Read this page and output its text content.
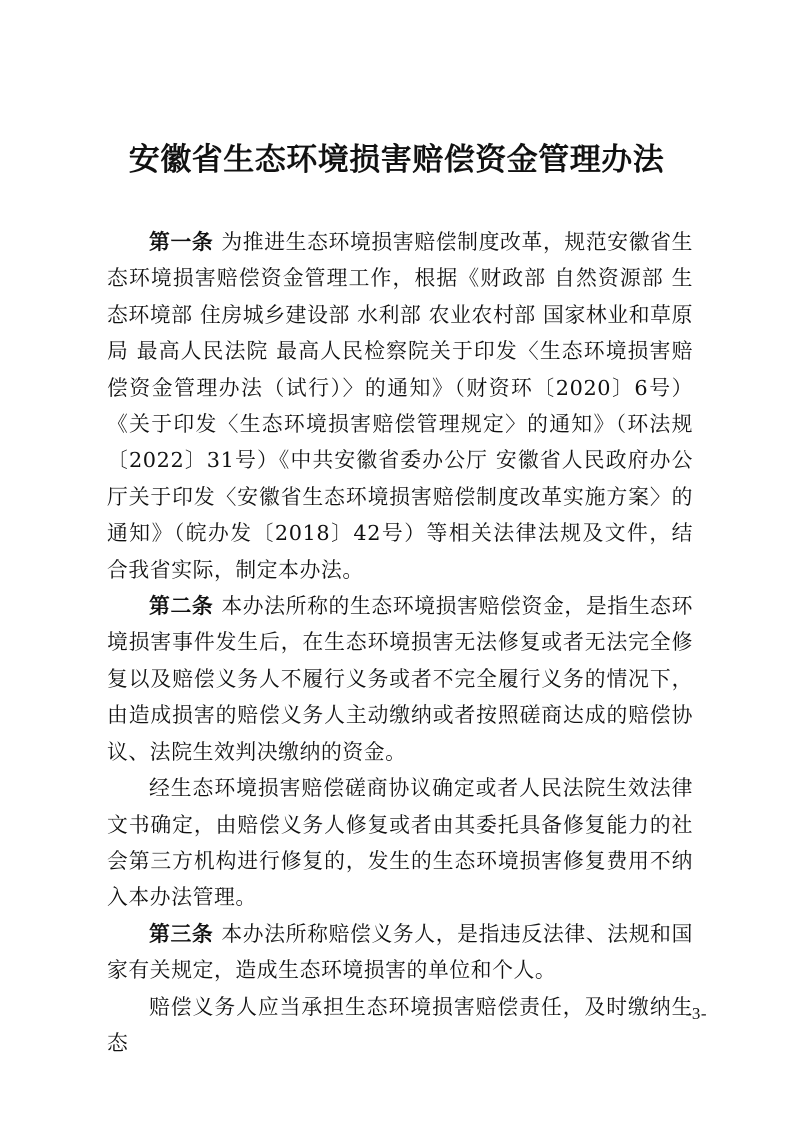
安徽省生态环境损害赔偿资金管理办法

第一条 为推进生态环境损害赔偿制度改革，规范安徽省生态环境损害赔偿资金管理工作，根据《财政部 自然资源部 生态环境部 住房城乡建设部 水利部 农业农村部 国家林业和草原局 最高人民法院 最高人民检察院关于印发〈生态环境损害赔偿资金管理办法（试行）〉的通知》（财资环〔2020〕6号）《关于印发〈生态环境损害赔偿管理规定〉的通知》（环法规〔2022〕31号）《中共安徽省委办公厅 安徽省人民政府办公厅关于印发〈安徽省生态环境损害赔偿制度改革实施方案〉的通知》（皖办发〔2018〕42号）等相关法律法规及文件，结合我省实际，制定本办法。

第二条 本办法所称的生态环境损害赔偿资金，是指生态环境损害事件发生后，在生态环境损害无法修复或者无法完全修复以及赔偿义务人不履行义务或者不完全履行义务的情况下，由造成损害的赔偿义务人主动缴纳或者按照磋商达成的赔偿协议、法院生效判决缴纳的资金。

经生态环境损害赔偿磋商协议确定或者人民法院生效法律文书确定，由赔偿义务人修复或者由其委托具备修复能力的社会第三方机构进行修复的，发生的生态环境损害修复费用不纳入本办法管理。

第三条 本办法所称赔偿义务人，是指违反法律、法规和国家有关规定，造成生态环境损害的单位和个人。

赔偿义务人应当承担生态环境损害赔偿责任，及时缴纳生态

-3-
